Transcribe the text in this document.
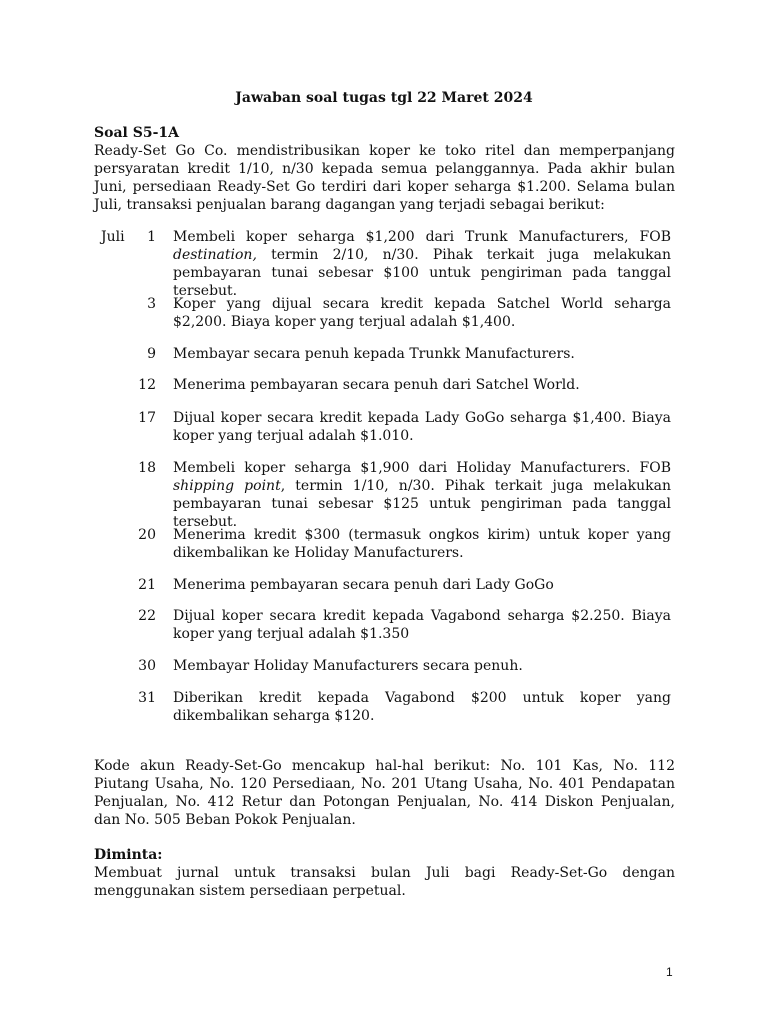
Jawaban soal tugas tgl 22 Maret 2024
Soal S5-1A
Ready-Set Go Co. mendistribusikan koper ke toko ritel dan memperpanjang persyaratan kredit 1/10, n/30 kepada semua pelanggannya. Pada akhir bulan Juni, persediaan Ready-Set Go terdiri dari koper seharga $1.200. Selama bulan Juli, transaksi penjualan barang dagangan yang terjadi sebagai berikut:
Juli	1 Membeli koper seharga $1,200 dari Trunk Manufacturers, FOB destination, termin 2/10, n/30. Pihak terkait juga melakukan pembayaran tunai sebesar $100 untuk pengiriman pada tanggal tersebut.
3 Koper yang dijual secara kredit kepada Satchel World seharga $2,200. Biaya koper yang terjual adalah $1,400.
9 Membayar secara penuh kepada Trunkk Manufacturers.
12 Menerima pembayaran secara penuh dari Satchel World.
17 Dijual koper secara kredit kepada Lady GoGo seharga $1,400. Biaya koper yang terjual adalah $1.010.
18 Membeli koper seharga $1,900 dari Holiday Manufacturers. FOB shipping point, termin 1/10, n/30. Pihak terkait juga melakukan pembayaran tunai sebesar $125 untuk pengiriman pada tanggal tersebut.
20 Menerima kredit $300 (termasuk ongkos kirim) untuk koper yang dikembalikan ke Holiday Manufacturers.
21 Menerima pembayaran secara penuh dari Lady GoGo
22 Dijual koper secara kredit kepada Vagabond seharga $2.250. Biaya koper yang terjual adalah $1.350
30 Membayar Holiday Manufacturers secara penuh.
31 Diberikan kredit kepada Vagabond $200 untuk koper yang dikembalikan seharga $120.
Kode akun Ready-Set-Go mencakup hal-hal berikut: No. 101 Kas, No. 112 Piutang Usaha, No. 120 Persediaan, No. 201 Utang Usaha, No. 401 Pendapatan Penjualan, No. 412 Retur dan Potongan Penjualan, No. 414 Diskon Penjualan, dan No. 505 Beban Pokok Penjualan.
Diminta:
Membuat jurnal untuk transaksi bulan Juli bagi Ready-Set-Go dengan menggunakan sistem persediaan perpetual.
1
